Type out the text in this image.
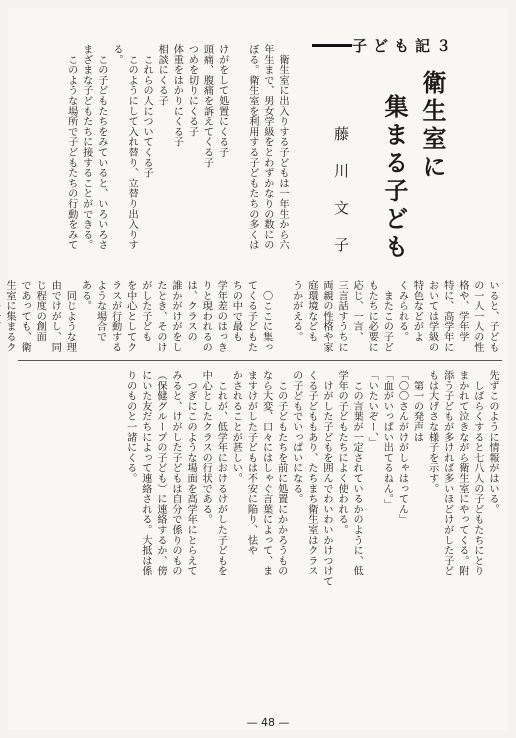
子ども記３
衛生室に
集まる子ども
藤川文子
　衛生室に出入りする子どもは一年生から六
年生まで、男女学級をとわずかなりの数にの
ぼる。衛生室を利用する子どもたちの多くは

けがをして処置にくる子
頭痛、腹痛を訴えてくる子
つめを切りにくる子
体重をはかりにくる子
相談にくる子
　これらの人についてくる子
　このようにして入れ替り、立替り出入りす
る。
　この子どもたちをみていると、いろいろさ
まざまな子どもたちに接することができる。
　このような場所で子どもたちの行動をみて
いると、子どもの一人一人の性格や、学年学
特に、高学年においては学級の特色などがよ
くみられる。
　またこの子どもたちに必要に応じ、一言、
三言話すうちに両親の性格や家庭環境なども
うかがえる。

　〇ここに集ってくる子どもたちの中で最も
学年差のはっきりと現われるのは、クラスの
誰かがけがをしたとき、そのけがした子ども
を中心としてクラスが行動するような場合で
ある。
　同じような理由でけがし、同じ程度の創面
であっても、衛生室に集まるク

先ずこのように情報がはいる。
　しばらくすると七八人の子どもたちにとり
まかれて泣きながら衛生室にやってくる。附
添う子どもが多ければ多いほどけがした子ど
もは大げさな様子を示す。
　第一の発声は
「〇〇さんがけがしゃはってん」
「血がいっぱい出てるねん。」
「いたいぞー、」
　この言葉が一定されているかのように、低
学年の子どもたちによく使われる。
　けがした子どもを囲んでわいわいかけつけて
くる子どももあり、たちまち衛生室はクラス
の子どもでいっぱいになる。
　この子どもたちを前に処置にかかろうもの
なら大変、口々にはしゃぐ言葉によって、ま
ますけがした子どもは不安に陥り、怯や
かされることが甚しい。
　これが、低学年におけるけがした子どもを
中心としたクラスの行状である。
　つぎにこのような場面を高学年にとらえて
みると、けがした子どもは自分で係りのもの
（保健グループの子ども）に連絡するか、傍
にいた友だちによって連絡される。大抵は係
りのものと一諸にくる。
— 48 —
